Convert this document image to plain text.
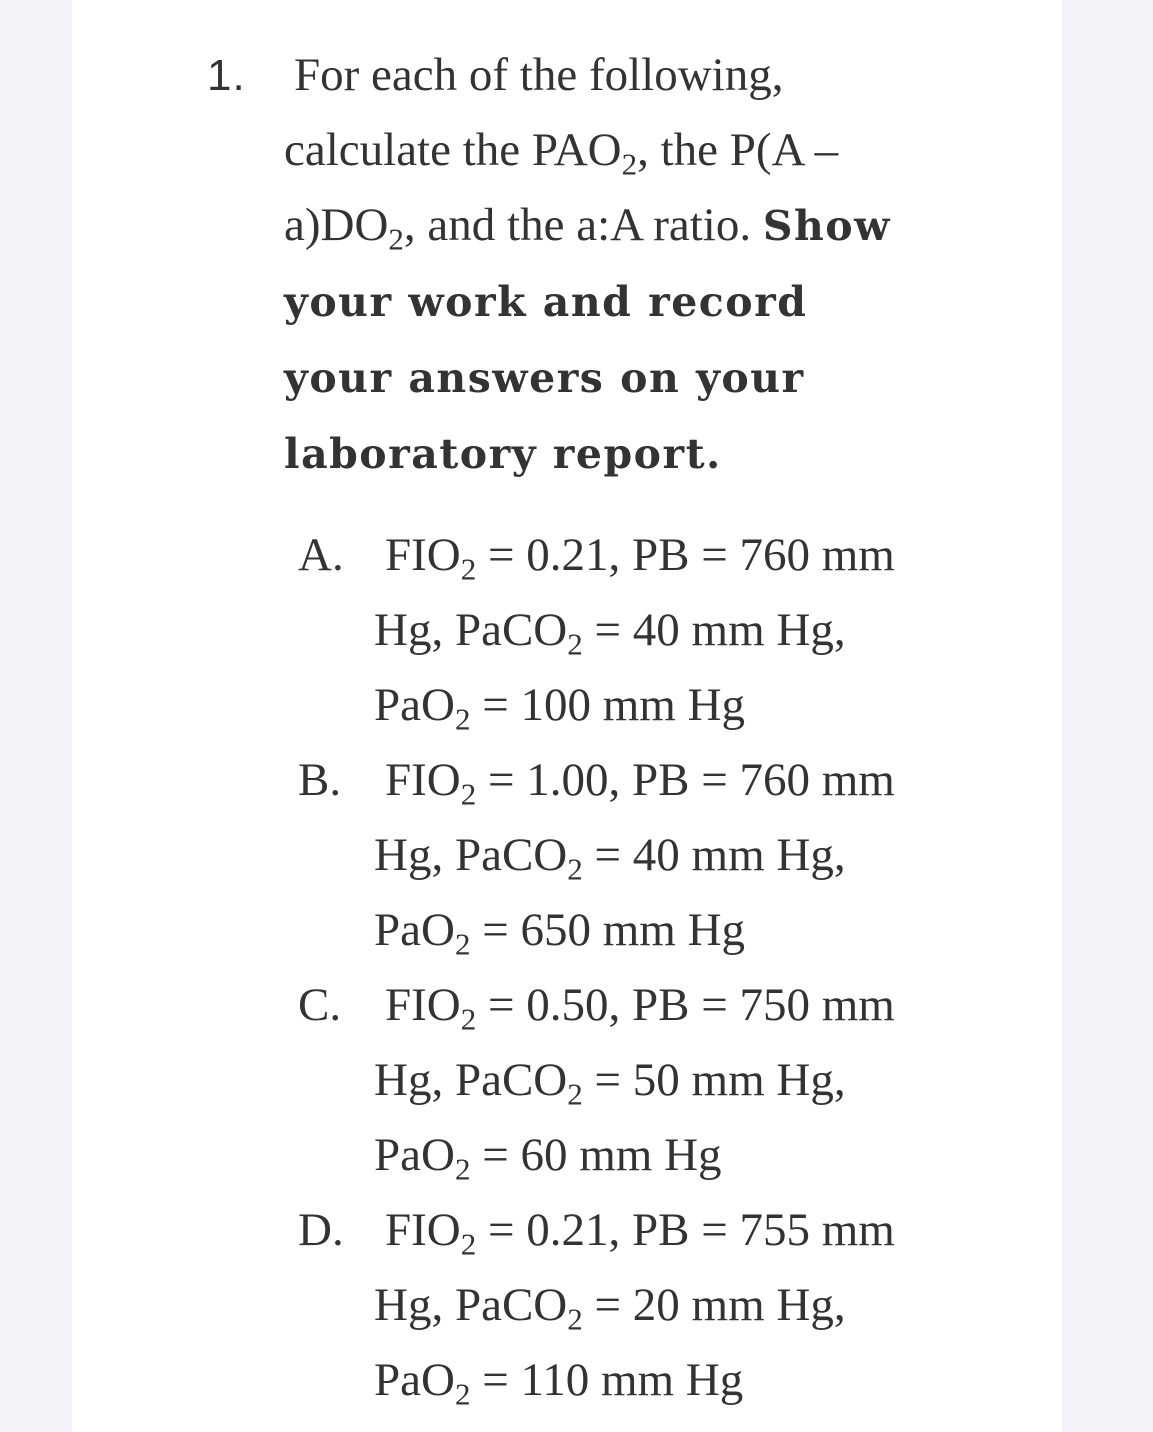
1. For each of the following,
calculate the $PAO_2$, the P(A –
$a)DO_2$, and the a:A ratio. Show
your work and record
your answers on your
laboratory report.
A. $FIO_2 = 0.21$, PB = 760 mm
Hg, PaCO$_2$ = 40 mm Hg,
PaO$_2$ = 100 mm Hg
B. $FIO_2 = 1.00$, PB = 760 mm
Hg, PaCO$_2$ = 40 mm Hg,
PaO$_2$ = 650 mm Hg
C. $FIO_2 = 0.50$, PB = 750 mm
Hg, PaCO$_2$ = 50 mm Hg,
PaO$_2$ = 60 mm Hg
D. $FIO_2 = 0.21$, PB = 755 mm
Hg, PaCO$_2$ = 20 mm Hg,
PaO$_2$ = 110 mm Hg
